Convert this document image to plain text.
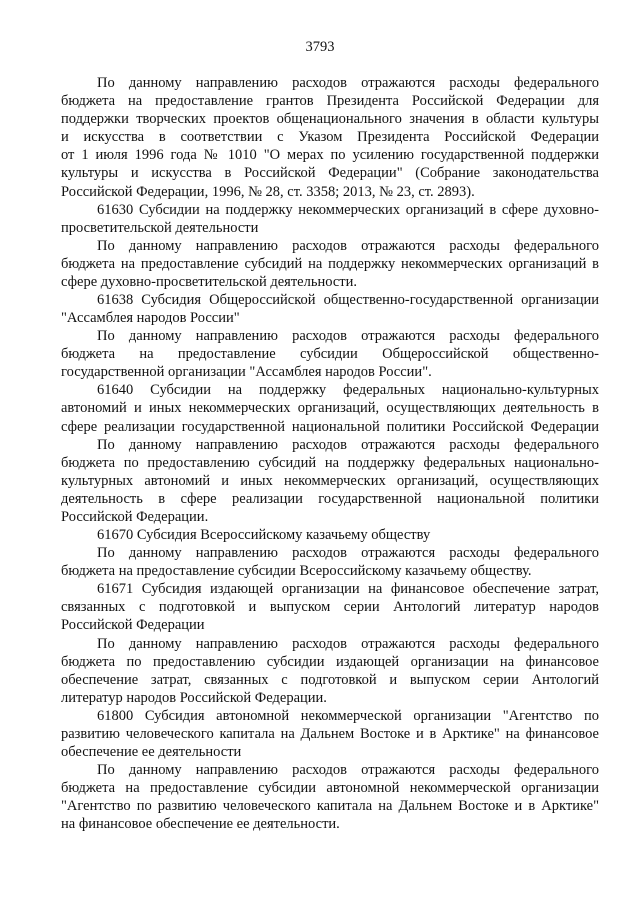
3793
По данному направлению расходов отражаются расходы федерального
бюджета на предоставление грантов Президента Российской Федерации для
поддержки творческих проектов общенационального значения в области культуры
и искусства в соответствии с Указом Президента Российской Федерации
от 1 июля 1996 года № 1010 "О мерах по усилению государственной поддержки
культуры и искусства в Российской Федерации" (Собрание законодательства
Российской Федерации, 1996, № 28, ст. 3358; 2013, № 23, ст. 2893).
61630 Субсидии на поддержку некоммерческих организаций в сфере духовно-
просветительской деятельности
По данному направлению расходов отражаются расходы федерального
бюджета на предоставление субсидий на поддержку некоммерческих организаций в
сфере духовно-просветительской деятельности.
61638 Субсидия Общероссийской общественно-государственной организации
"Ассамблея народов России"
По данному направлению расходов отражаются расходы федерального
бюджета на предоставление субсидии Общероссийской общественно-
государственной организации "Ассамблея народов России".
61640 Субсидии на поддержку федеральных национально-культурных
автономий и иных некоммерческих организаций, осуществляющих деятельность в
сфере реализации государственной национальной политики Российской Федерации
По данному направлению расходов отражаются расходы федерального
бюджета по предоставлению субсидий на поддержку федеральных национально-
культурных автономий и иных некоммерческих организаций, осуществляющих
деятельность в сфере реализации государственной национальной политики
Российской Федерации.
61670 Субсидия Всероссийскому казачьему обществу
По данному направлению расходов отражаются расходы федерального
бюджета на предоставление субсидии Всероссийскому казачьему обществу.
61671 Субсидия издающей организации на финансовое обеспечение затрат,
связанных с подготовкой и выпуском серии Антологий литератур народов
Российской Федерации
По данному направлению расходов отражаются расходы федерального
бюджета по предоставлению субсидии издающей организации на финансовое
обеспечение затрат, связанных с подготовкой и выпуском серии Антологий
литератур народов Российской Федерации.
61800 Субсидия автономной некоммерческой организации "Агентство по
развитию человеческого капитала на Дальнем Востоке и в Арктике" на финансовое
обеспечение ее деятельности
По данному направлению расходов отражаются расходы федерального
бюджета на предоставление субсидии автономной некоммерческой организации
"Агентство по развитию человеческого капитала на Дальнем Востоке и в Арктике"
на финансовое обеспечение ее деятельности.
